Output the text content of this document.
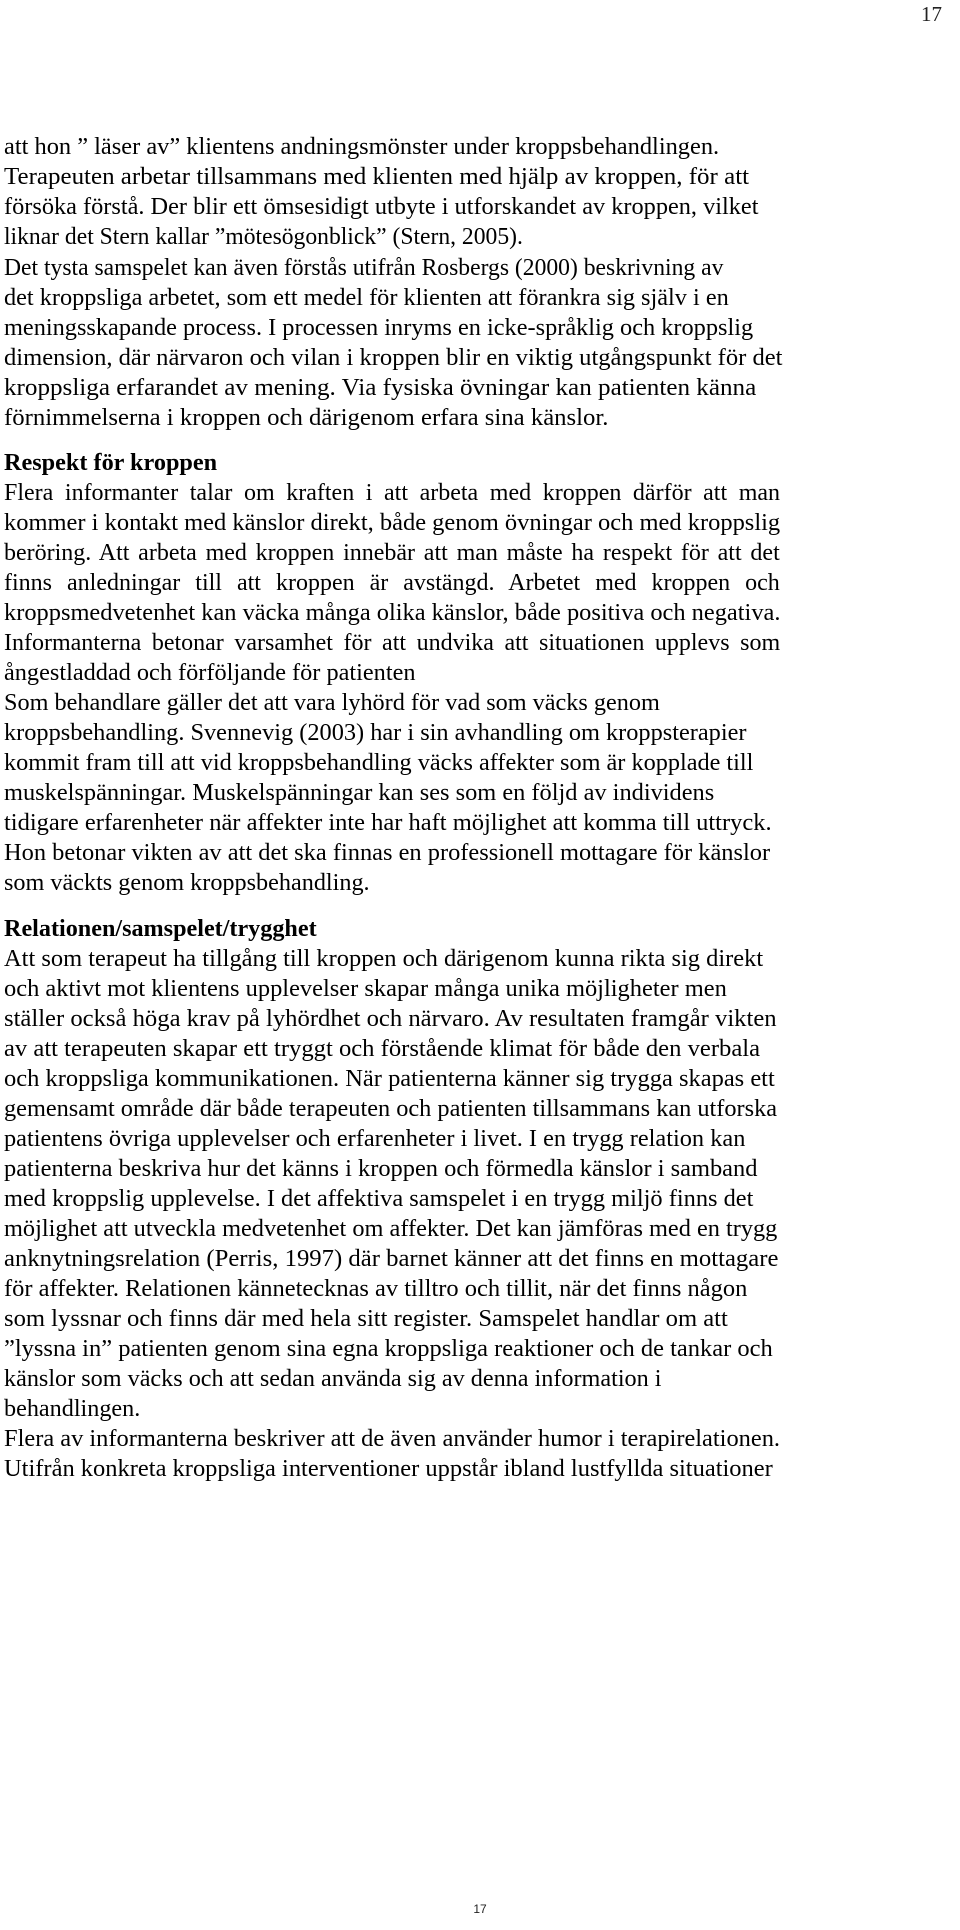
17
att hon ” läser av” klientens andningsmönster under kroppsbehandlingen.
Terapeuten arbetar tillsammans med klienten med hjälp av kroppen, för att
försöka förstå. Der blir ett ömsesidigt utbyte i utforskandet av kroppen, vilket
liknar det Stern kallar ”mötesögonblick” (Stern, 2005).
Det tysta samspelet kan även förstås utifrån Rosbergs (2000) beskrivning av
det kroppsliga arbetet, som ett medel för klienten att förankra sig själv i en
meningsskapande process. I processen inryms en icke-språklig och kroppslig
dimension, där närvaron och vilan i kroppen blir en viktig utgångspunkt för det
kroppsliga erfarandet av mening. Via fysiska övningar kan patienten känna
förnimmelserna i kroppen och därigenom erfara sina känslor.
Respekt för kroppen
Flera informanter talar om kraften i att arbeta med kroppen därför att man
kommer i kontakt med känslor direkt, både genom övningar och med kroppslig
beröring. Att arbeta med kroppen innebär att man måste ha respekt för att det
finns anledningar till att kroppen är avstängd. Arbetet med kroppen och
kroppsmedvetenhet kan väcka många olika känslor, både positiva och negativa.
Informanterna betonar varsamhet för att undvika att situationen upplevs som
ångestladdad och förföljande för patienten
Som behandlare gäller det att vara lyhörd för vad som väcks genom
kroppsbehandling. Svennevig (2003) har i sin avhandling om kroppsterapier
kommit fram till att vid kroppsbehandling väcks affekter som är kopplade till
muskelspänningar. Muskelspänningar kan ses som en följd av individens
tidigare erfarenheter när affekter inte har haft möjlighet att komma till uttryck.
Hon betonar vikten av att det ska finnas en professionell mottagare för känslor
som väckts genom kroppsbehandling.
Relationen/samspelet/trygghet
Att som terapeut ha tillgång till kroppen och därigenom kunna rikta sig direkt
och aktivt mot klientens upplevelser skapar många unika möjligheter men
ställer också höga krav på lyhördhet och närvaro. Av resultaten framgår vikten
av att terapeuten skapar ett tryggt och förstående klimat för både den verbala
och kroppsliga kommunikationen. När patienterna känner sig trygga skapas ett
gemensamt område där både terapeuten och patienten tillsammans kan utforska
patientens övriga upplevelser och erfarenheter i livet. I en trygg relation kan
patienterna beskriva hur det känns i kroppen och förmedla känslor i samband
med kroppslig upplevelse. I det affektiva samspelet i en trygg miljö finns det
möjlighet att utveckla medvetenhet om affekter. Det kan jämföras med en trygg
anknytningsrelation (Perris, 1997) där barnet känner att det finns en mottagare
för affekter. Relationen kännetecknas av tilltro och tillit, när det finns någon
som lyssnar och finns där med hela sitt register. Samspelet handlar om att
”lyssna in” patienten genom sina egna kroppsliga reaktioner och de tankar och
känslor som väcks och att sedan använda sig av denna information i
behandlingen.
Flera av informanterna beskriver att de även använder humor i terapirelationen.
Utifrån konkreta kroppsliga interventioner uppstår ibland lustfyllda situationer
17
